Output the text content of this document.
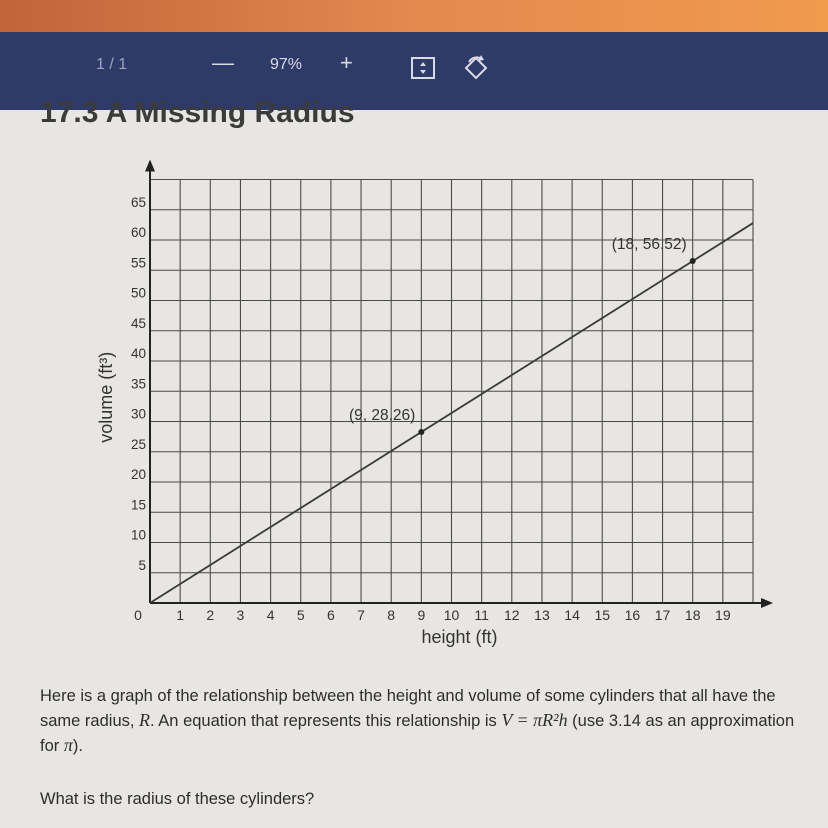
1 / 1	— 97% +
17.3 A Missing Radius
1 2 3 4 5 6 7 8 9 10 11 12 13 14 15 16 17 18 19
5
10
15
20
25
30
35
40
45
50
55
60
65
0
height (ft)
volume (ft³)	(9, 28.26)
(18, 56.52)
Here is a graph of the relationship between the height and volume of some cylinders that all have the same radius, R. An equation that represents this relationship is V = πR²h (use 3.14 as an approximation for π).
What is the radius of these cylinders?
